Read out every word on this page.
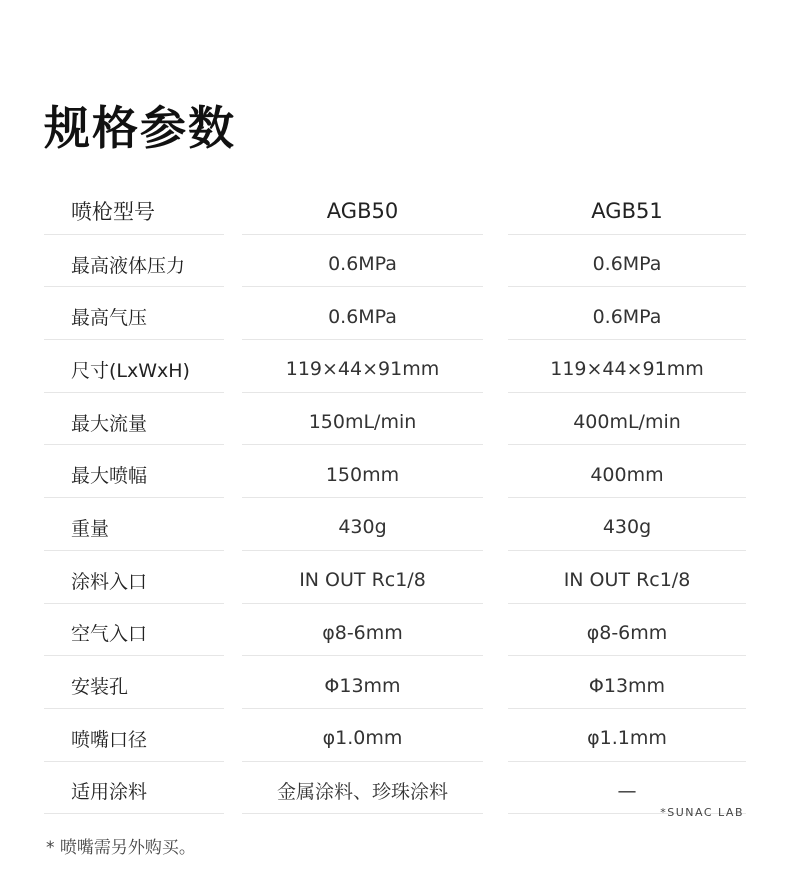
规格参数
喷枪型号	AGB50	AGB51
最高液体压力	0.6MPa	0.6MPa
最高气压	0.6MPa	0.6MPa
尺寸(LxWxH)	119×44×91mm	119×44×91mm
最大流量	150mL/min	400mL/min
最大喷幅	150mm	400mm
重量	430g	430g
涂料入口	IN OUT Rc1/8	IN OUT Rc1/8
空气入口	φ8-6mm	φ8-6mm
安装孔	Φ13mm	Φ13mm
喷嘴口径	φ1.0mm	φ1.1mm
适用涂料	金属涂料、珍珠涂料	—
*SUNAC LAB
* 喷嘴需另外购买。
